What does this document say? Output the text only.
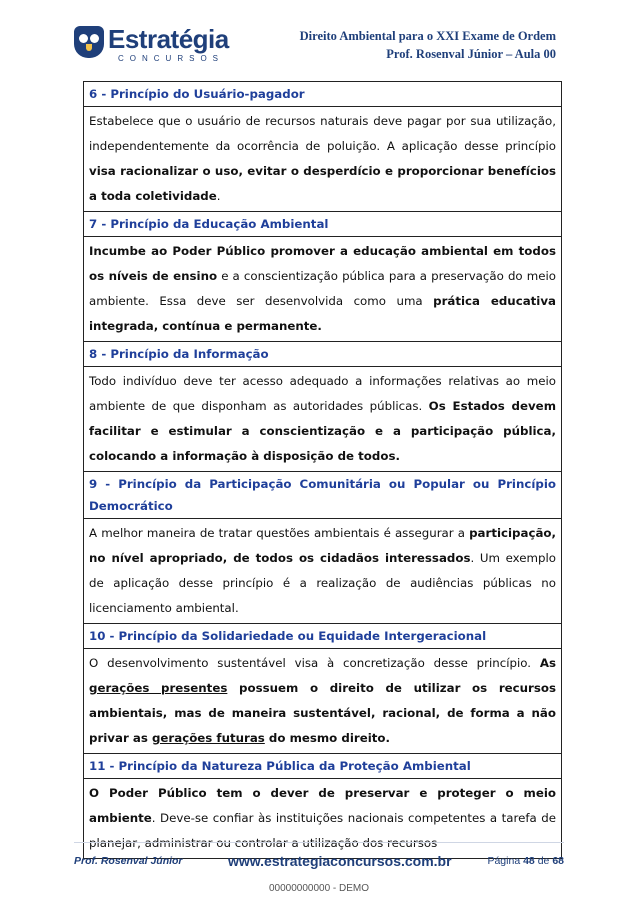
Estratégia
CONCURSOS
Direito Ambiental para o XXI Exame de Ordem
Prof. Rosenval Júnior – Aula 00
6 - Princípio do Usuário-pagador
Estabelece que o usuário de recursos naturais deve pagar por sua utilização, independentemente da ocorrência de poluição. A aplicação desse princípio visa racionalizar o uso, evitar o desperdício e proporcionar benefícios a toda coletividade.
7 - Princípio da Educação Ambiental
Incumbe ao Poder Público promover a educação ambiental em todos os níveis de ensino e a conscientização pública para a preservação do meio ambiente. Essa deve ser desenvolvida como uma prática educativa integrada, contínua e permanente.
8 - Princípio da Informação
Todo indivíduo deve ter acesso adequado a informações relativas ao meio ambiente de que disponham as autoridades públicas. Os Estados devem facilitar e estimular a conscientização e a participação pública, colocando a informação à disposição de todos.
9 - Princípio da Participação Comunitária ou Popular ou Princípio Democrático
A melhor maneira de tratar questões ambientais é assegurar a participação, no nível apropriado, de todos os cidadãos interessados. Um exemplo de aplicação desse princípio é a realização de audiências públicas no licenciamento ambiental.
10 - Princípio da Solidariedade ou Equidade Intergeracional
O desenvolvimento sustentável visa à concretização desse princípio. As gerações presentes possuem o direito de utilizar os recursos ambientais, mas de maneira sustentável, racional, de forma a não privar as gerações futuras do mesmo direito.
11 - Princípio da Natureza Pública da Proteção Ambiental
O Poder Público tem o dever de preservar e proteger o meio ambiente. Deve-se confiar às instituições nacionais competentes a tarefa de planejar, administrar ou controlar a utilização dos recursos
Prof. Rosenval Júnior	www.estrategiaconcursos.com.br	Página 48 de 68
00000000000 - DEMO
